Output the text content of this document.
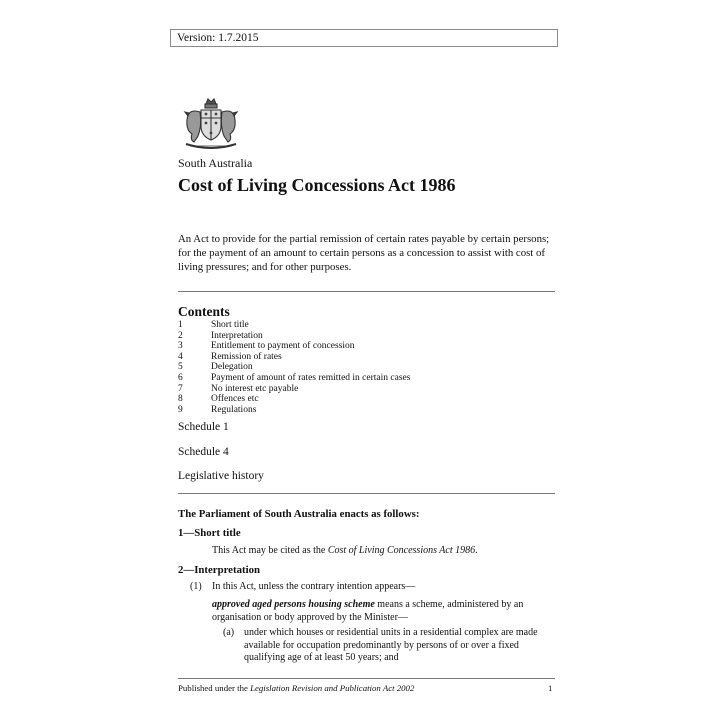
Version: 1.7.2015
South Australia
Cost of Living Concessions Act 1986
An Act to provide for the partial remission of certain rates payable by certain persons; for the payment of an amount to certain persons as a concession to assist with cost of living pressures; and for other purposes.
Contents
1	Short title
2	Interpretation
3	Entitlement to payment of concession
4	Remission of rates
5	Delegation
6	Payment of amount of rates remitted in certain cases
7	No interest etc payable
8	Offences etc
9	Regulations
Schedule 1
Schedule 4
Legislative history
The Parliament of South Australia enacts as follows:
1—Short title
This Act may be cited as the Cost of Living Concessions Act 1986.
2—Interpretation
(1) In this Act, unless the contrary intention appears—
approved aged persons housing scheme means a scheme, administered by an organisation or body approved by the Minister—
(a) under which houses or residential units in a residential complex are made available for occupation predominantly by persons of or over a fixed qualifying age of at least 50 years; and
Published under the Legislation Revision and Publication Act 2002	1
